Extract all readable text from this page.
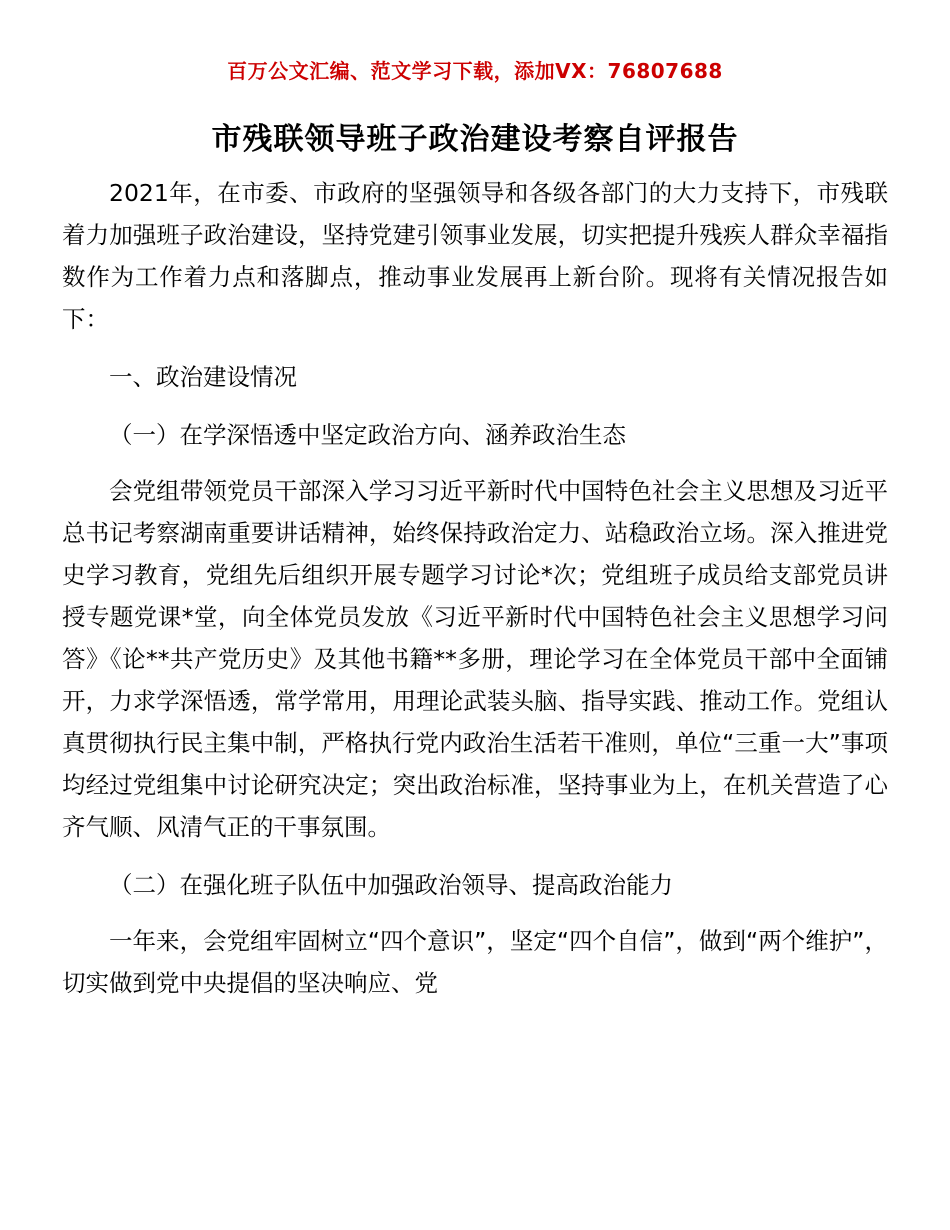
百万公文汇编、范文学习下载，添加VX：76807688
市残联领导班子政治建设考察自评报告

2021年，在市委、市政府的坚强领导和各级各部门的大力支持下，市残联着力加强班子政治建设，坚持党建引领事业发展，切实把提升残疾人群众幸福指数作为工作着力点和落脚点，推动事业发展再上新台阶。现将有关情况报告如下：

一、政治建设情况

（一）在学深悟透中坚定政治方向、涵养政治生态

会党组带领党员干部深入学习习近平新时代中国特色社会主义思想及习近平总书记考察湖南重要讲话精神，始终保持政治定力、站稳政治立场。深入推进党史学习教育，党组先后组织开展专题学习讨论*次；党组班子成员给支部党员讲授专题党课*堂，向全体党员发放《习近平新时代中国特色社会主义思想学习问答》《论**共产党历史》及其他书籍**多册，理论学习在全体党员干部中全面铺开，力求学深悟透，常学常用，用理论武装头脑、指导实践、推动工作。党组认真贯彻执行民主集中制，严格执行党内政治生活若干准则，单位“三重一大”事项均经过党组集中讨论研究决定；突出政治标准，坚持事业为上，在机关营造了心齐气顺、风清气正的干事氛围。

（二）在强化班子队伍中加强政治领导、提高政治能力

一年来，会党组牢固树立“四个意识”，坚定“四个自信”，做到“两个维护”，切实做到党中央提倡的坚决响应、党
